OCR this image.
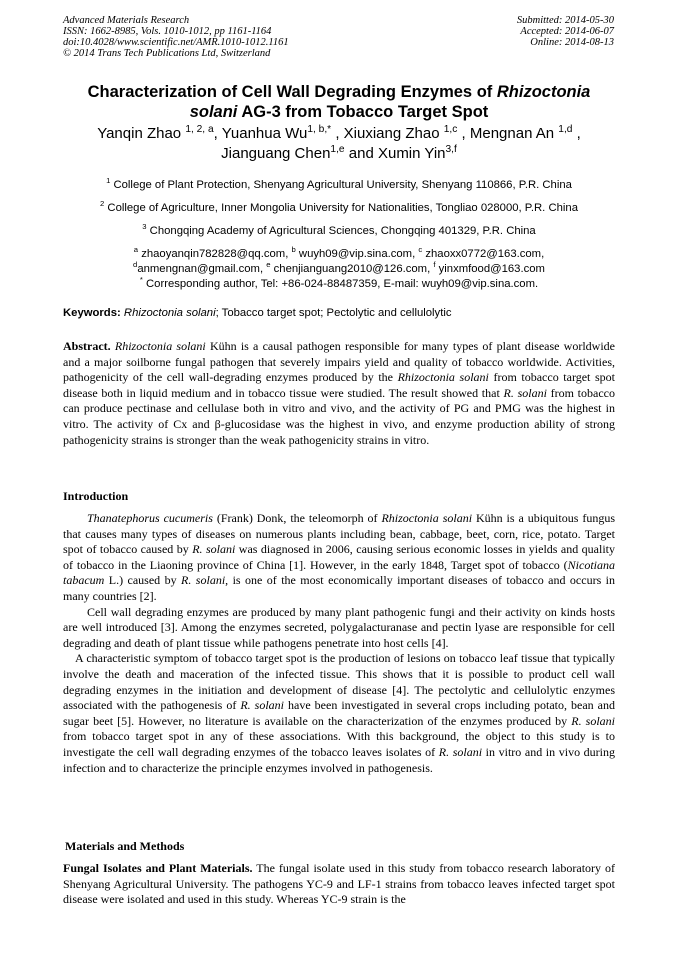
Advanced Materials Research
ISSN: 1662-8985, Vols. 1010-1012, pp 1161-1164
doi:10.4028/www.scientific.net/AMR.1010-1012.1161
© 2014 Trans Tech Publications Ltd, Switzerland
Submitted: 2014-05-30
Accepted: 2014-06-07
Online: 2014-08-13
Characterization of Cell Wall Degrading Enzymes of Rhizoctonia solani AG-3 from Tobacco Target Spot
Yanqin Zhao $^{1, 2, a}$, Yuanhua $Wu^{1, b,*}$ , Xiuxiang Zhao $^{1,c}$ , Mengnan An $^{1,d}$ ,
Jianguang Chen$^{1,e}$ and Xumin Yin$^{3,f}$
$^1$ College of Plant Protection, Shenyang Agricultural University, Shenyang 110866, P.R. China
$^2$ College of Agriculture, Inner Mongolia University for Nationalities, Tongliao 028000, P.R. China
$^3$ Chongqing Academy of Agricultural Sciences, Chongqing 401329, P.R. China
$^a$ zhaoyanqin782828@qq.com, $^b$ wuyh09@vip.sina.com, $^c$ zhaoxx0772@163.com,
$^d$anmengnan@gmail.com, $^e$ chenjianguang2010@126.com, $^f$ yinxmfood@163.com
* Corresponding author, Tel: +86-024-88487359, E-mail: wuyh09@vip.sina.com.
Keywords: Rhizoctonia solani; Tobacco target spot; Pectolytic and cellulolytic

Abstract. Rhizoctonia solani Kühn is a causal pathogen responsible for many types of plant disease worldwide and a major soilborne fungal pathogen that severely impairs yield and quality of tobacco worldwide. Activities, pathogenicity of the cell wall-degrading enzymes produced by the Rhizoctonia solani from tobacco target spot disease both in liquid medium and in tobacco tissue were studied. The result showed that R. solani from tobacco can produce pectinase and cellulase both in vitro and vivo, and the activity of PG and PMG was the highest in vitro. The activity of Cx and β-glucosidase was the highest in vivo, and enzyme production ability of strong pathogenicity strains is stronger than the weak pathogenicity strains in vitro.

Introduction

Thanatephorus cucumeris (Frank) Donk, the teleomorph of Rhizoctonia solani Kühn is a ubiquitous fungus that causes many types of diseases on numerous plants including bean, cabbage, beet, corn, rice, potato. Target spot of tobacco caused by R. solani was diagnosed in 2006, causing serious economic losses in yields and quality of tobacco in the Liaoning province of China [1]. However, in the early 1848, Target spot of tobacco (Nicotiana tabacum L.) caused by R. solani, is one of the most economically important diseases of tobacco and occurs in many countries [2].

Cell wall degrading enzymes are produced by many plant pathogenic fungi and their activity on kinds hosts are well introduced [3]. Among the enzymes secreted, polygalacturanase and pectin lyase are responsible for cell degrading and death of plant tissue while pathogens penetrate into host cells [4].

A characteristic symptom of tobacco target spot is the production of lesions on tobacco leaf tissue that typically involve the death and maceration of the infected tissue. This shows that it is possible to product cell wall degrading enzymes in the initiation and development of disease [4]. The pectolytic and cellulolytic enzymes associated with the pathogenesis of R. solani have been investigated in several crops including potato, bean and sugar beet [5]. However, no literature is available on the characterization of the enzymes produced by R. solani from tobacco target spot in any of these associations. With this background, the object to this study is to investigate the cell wall degrading enzymes of the tobacco leaves isolates of R. solani in vitro and in vivo during infection and to characterize the principle enzymes involved in pathogenesis.

Materials and Methods

Fungal Isolates and Plant Materials. The fungal isolate used in this study from tobacco research laboratory of Shenyang Agricultural University. The pathogens YC-9 and LF-1 strains from tobacco leaves infected target spot disease were isolated and used in this study. Whereas YC-9 strain is the
